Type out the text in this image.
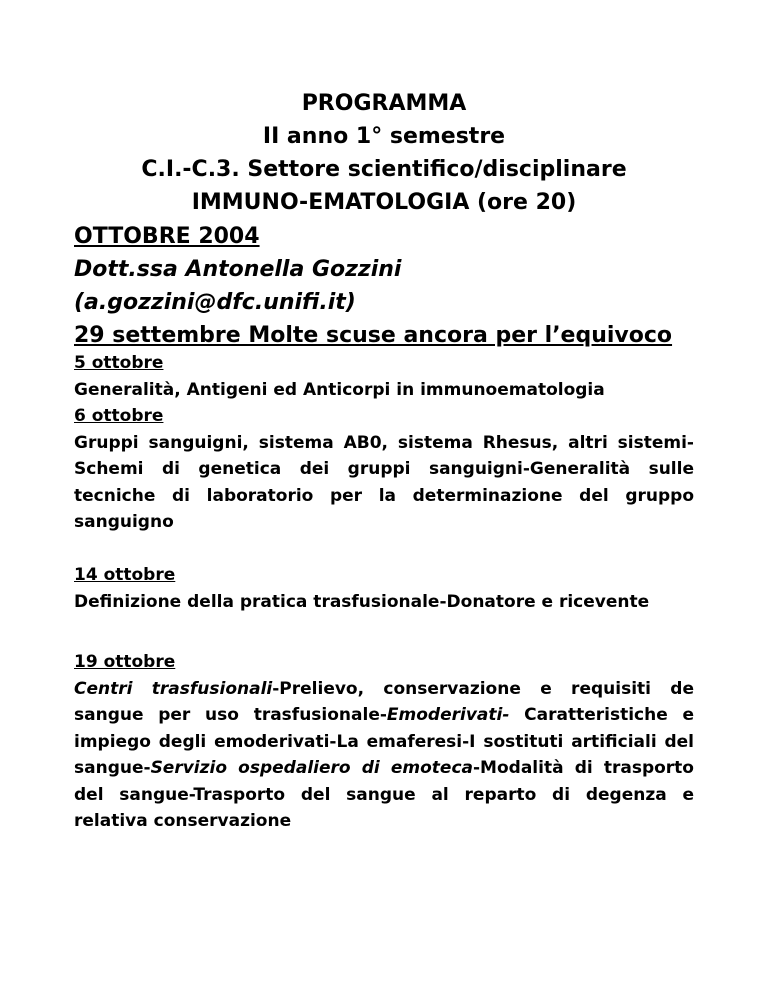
PROGRAMMA
II anno 1° semestre
C.I.-C.3. Settore scientifico/disciplinare
IMMUNO-EMATOLOGIA (ore 20)
OTTOBRE 2004
Dott.ssa Antonella Gozzini
(a.gozzini@dfc.unifi.it)
29 settembre Molte scuse ancora per l’equivoco
5 ottobre
Generalità, Antigeni ed Anticorpi in immunoematologia
6 ottobre
Gruppi sanguigni, sistema AB0, sistema Rhesus, altri sistemi-Schemi di genetica dei gruppi sanguigni-Generalità sulle tecniche di laboratorio per la determinazione del gruppo sanguigno
14 ottobre
Definizione della pratica trasfusionale-Donatore e ricevente
19 ottobre
Centri trasfusionali-Prelievo, conservazione e requisiti de sangue per uso trasfusionale-Emoderivati- Caratteristiche e impiego degli emoderivati-La emaferesi-I sostituti artificiali del sangue-Servizio ospedaliero di emoteca-Modalità di trasporto del sangue-Trasporto del sangue al reparto di degenza e relativa conservazione
